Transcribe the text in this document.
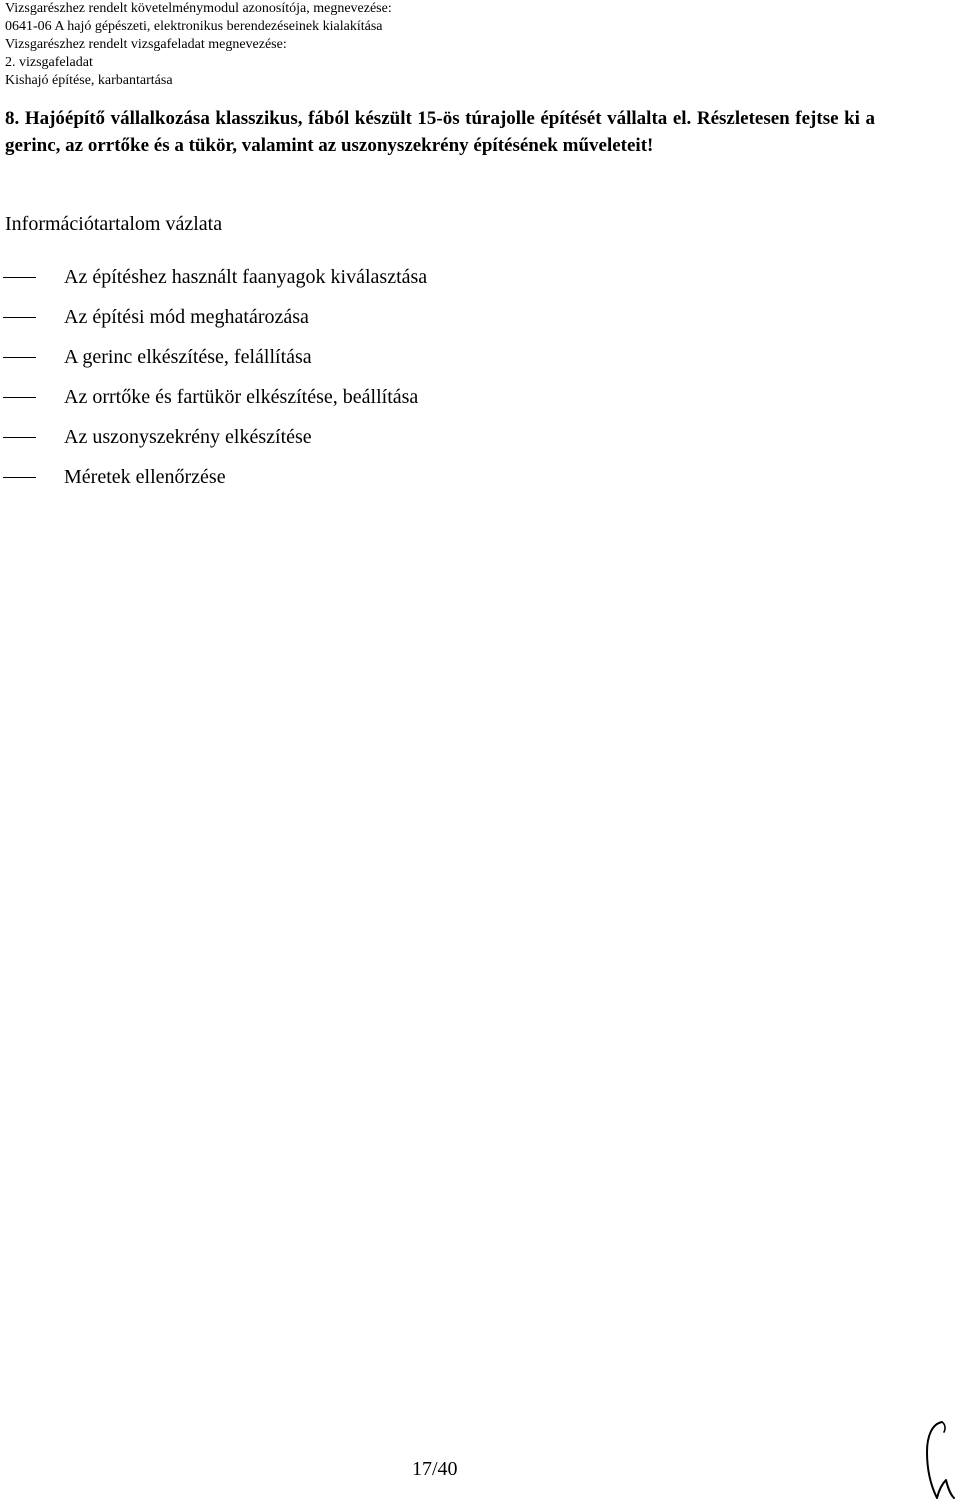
Vizsgarészhez rendelt követelménymodul azonosítója, megnevezése:
0641-06 A hajó gépészeti, elektronikus berendezéseinek kialakítása
Vizsgarészhez rendelt vizsgafeladat megnevezése:
2. vizsgafeladat
Kishajó építése, karbantartása
8. Hajóépítő vállalkozása klasszikus, fából készült 15-ös túrajolle építését vállalta el. Részletesen fejtse ki a gerinc, az orrtőke és a tükör, valamint az uszonyszekrény építésének műveleteit!
Információtartalom vázlata
Az építéshez használt faanyagok kiválasztása
Az építési mód meghatározása
A gerinc elkészítése, felállítása
Az orrtőke és fartükör elkészítése, beállítása
Az uszonyszekrény elkészítése
Méretek ellenőrzése
17/40
